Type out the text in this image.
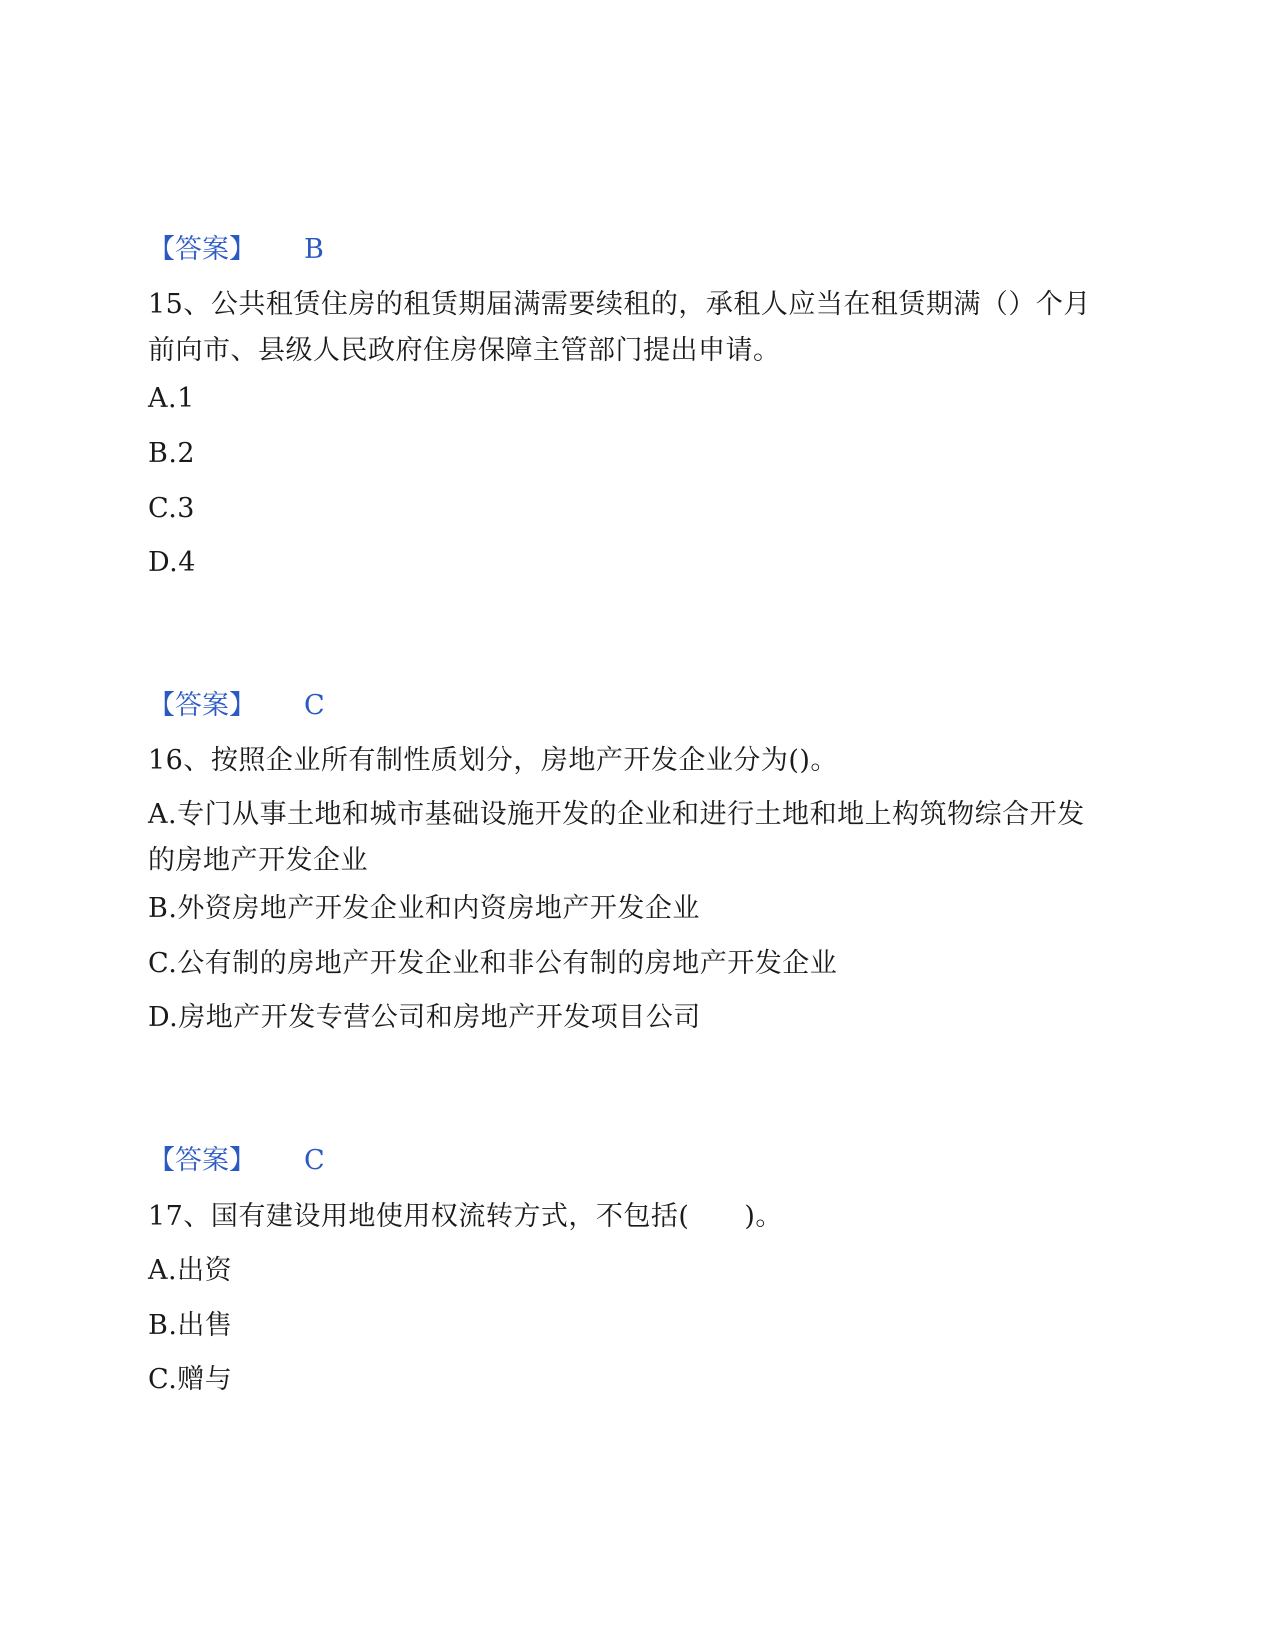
【答案】 B
15、公共租赁住房的租赁期届满需要续租的，承租人应当在租赁期满（）个月前向市、县级人民政府住房保障主管部门提出申请。
A.1
B.2
C.3
D.4
【答案】 C
16、按照企业所有制性质划分，房地产开发企业分为()。
A.专门从事土地和城市基础设施开发的企业和进行土地和地上构筑物综合开发的房地产开发企业
B.外资房地产开发企业和内资房地产开发企业
C.公有制的房地产开发企业和非公有制的房地产开发企业
D.房地产开发专营公司和房地产开发项目公司
【答案】 C
17、国有建设用地使用权流转方式，不包括(　　)。
A.出资
B.出售
C.赠与
